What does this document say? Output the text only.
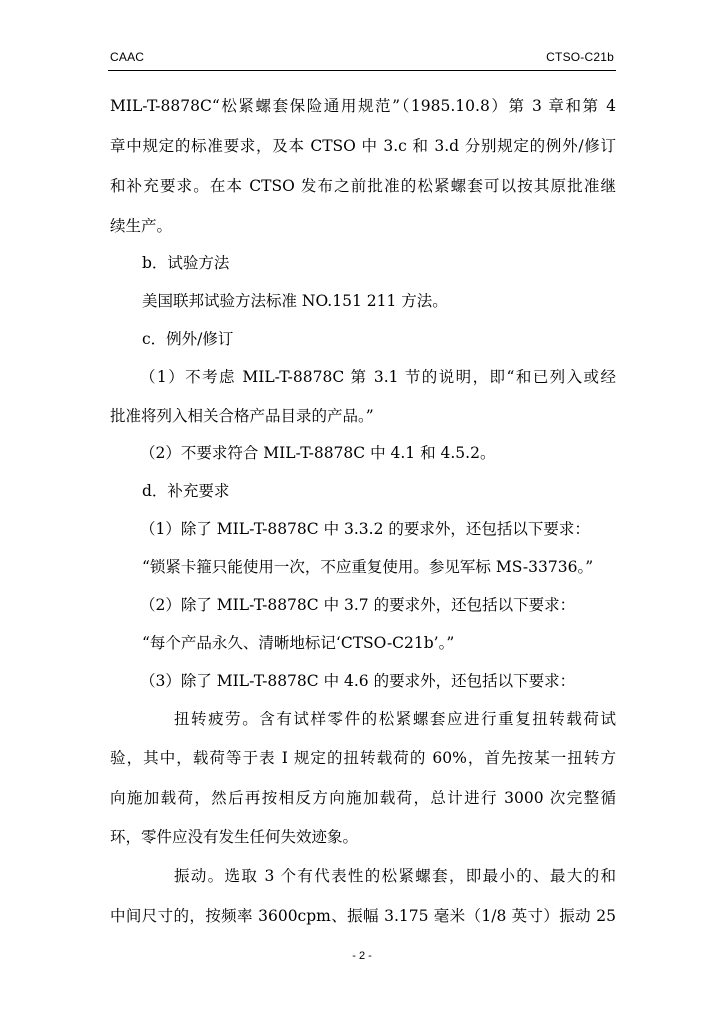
CAAC	CTSO-C21b
MIL-T-8878C“松紧螺套保险通用规范”（1985.10.8）第 3 章和第 4
章中规定的标准要求，及本 CTSO 中 3.c 和 3.d 分别规定的例外/修订
和补充要求。在本 CTSO 发布之前批准的松紧螺套可以按其原批准继
续生产。
b．试验方法
美国联邦试验方法标准 NO.151 211 方法。
c．例外/修订
（1）不考虑 MIL-T-8878C 第 3.1 节的说明，即“和已列入或经
批准将列入相关合格产品目录的产品。”
（2）不要求符合 MIL-T-8878C 中 4.1 和 4.5.2。
d．补充要求
（1）除了 MIL-T-8878C 中 3.3.2 的要求外，还包括以下要求：
“锁紧卡箍只能使用一次，不应重复使用。参见军标 MS-33736。”
（2）除了 MIL-T-8878C 中 3.7 的要求外，还包括以下要求：
“每个产品永久、清晰地标记‘CTSO-C21b’。”
（3）除了 MIL-T-8878C 中 4.6 的要求外，还包括以下要求：
扭转疲劳。含有试样零件的松紧螺套应进行重复扭转载荷试
验，其中，载荷等于表 I 规定的扭转载荷的 60%，首先按某一扭转方
向施加载荷，然后再按相反方向施加载荷，总计进行 3000 次完整循
环，零件应没有发生任何失效迹象。
振动。选取 3 个有代表性的松紧螺套，即最小的、最大的和
中间尺寸的，按频率 3600cpm、振幅 3.175 毫米（1/8 英寸）振动 25
- 2 -
